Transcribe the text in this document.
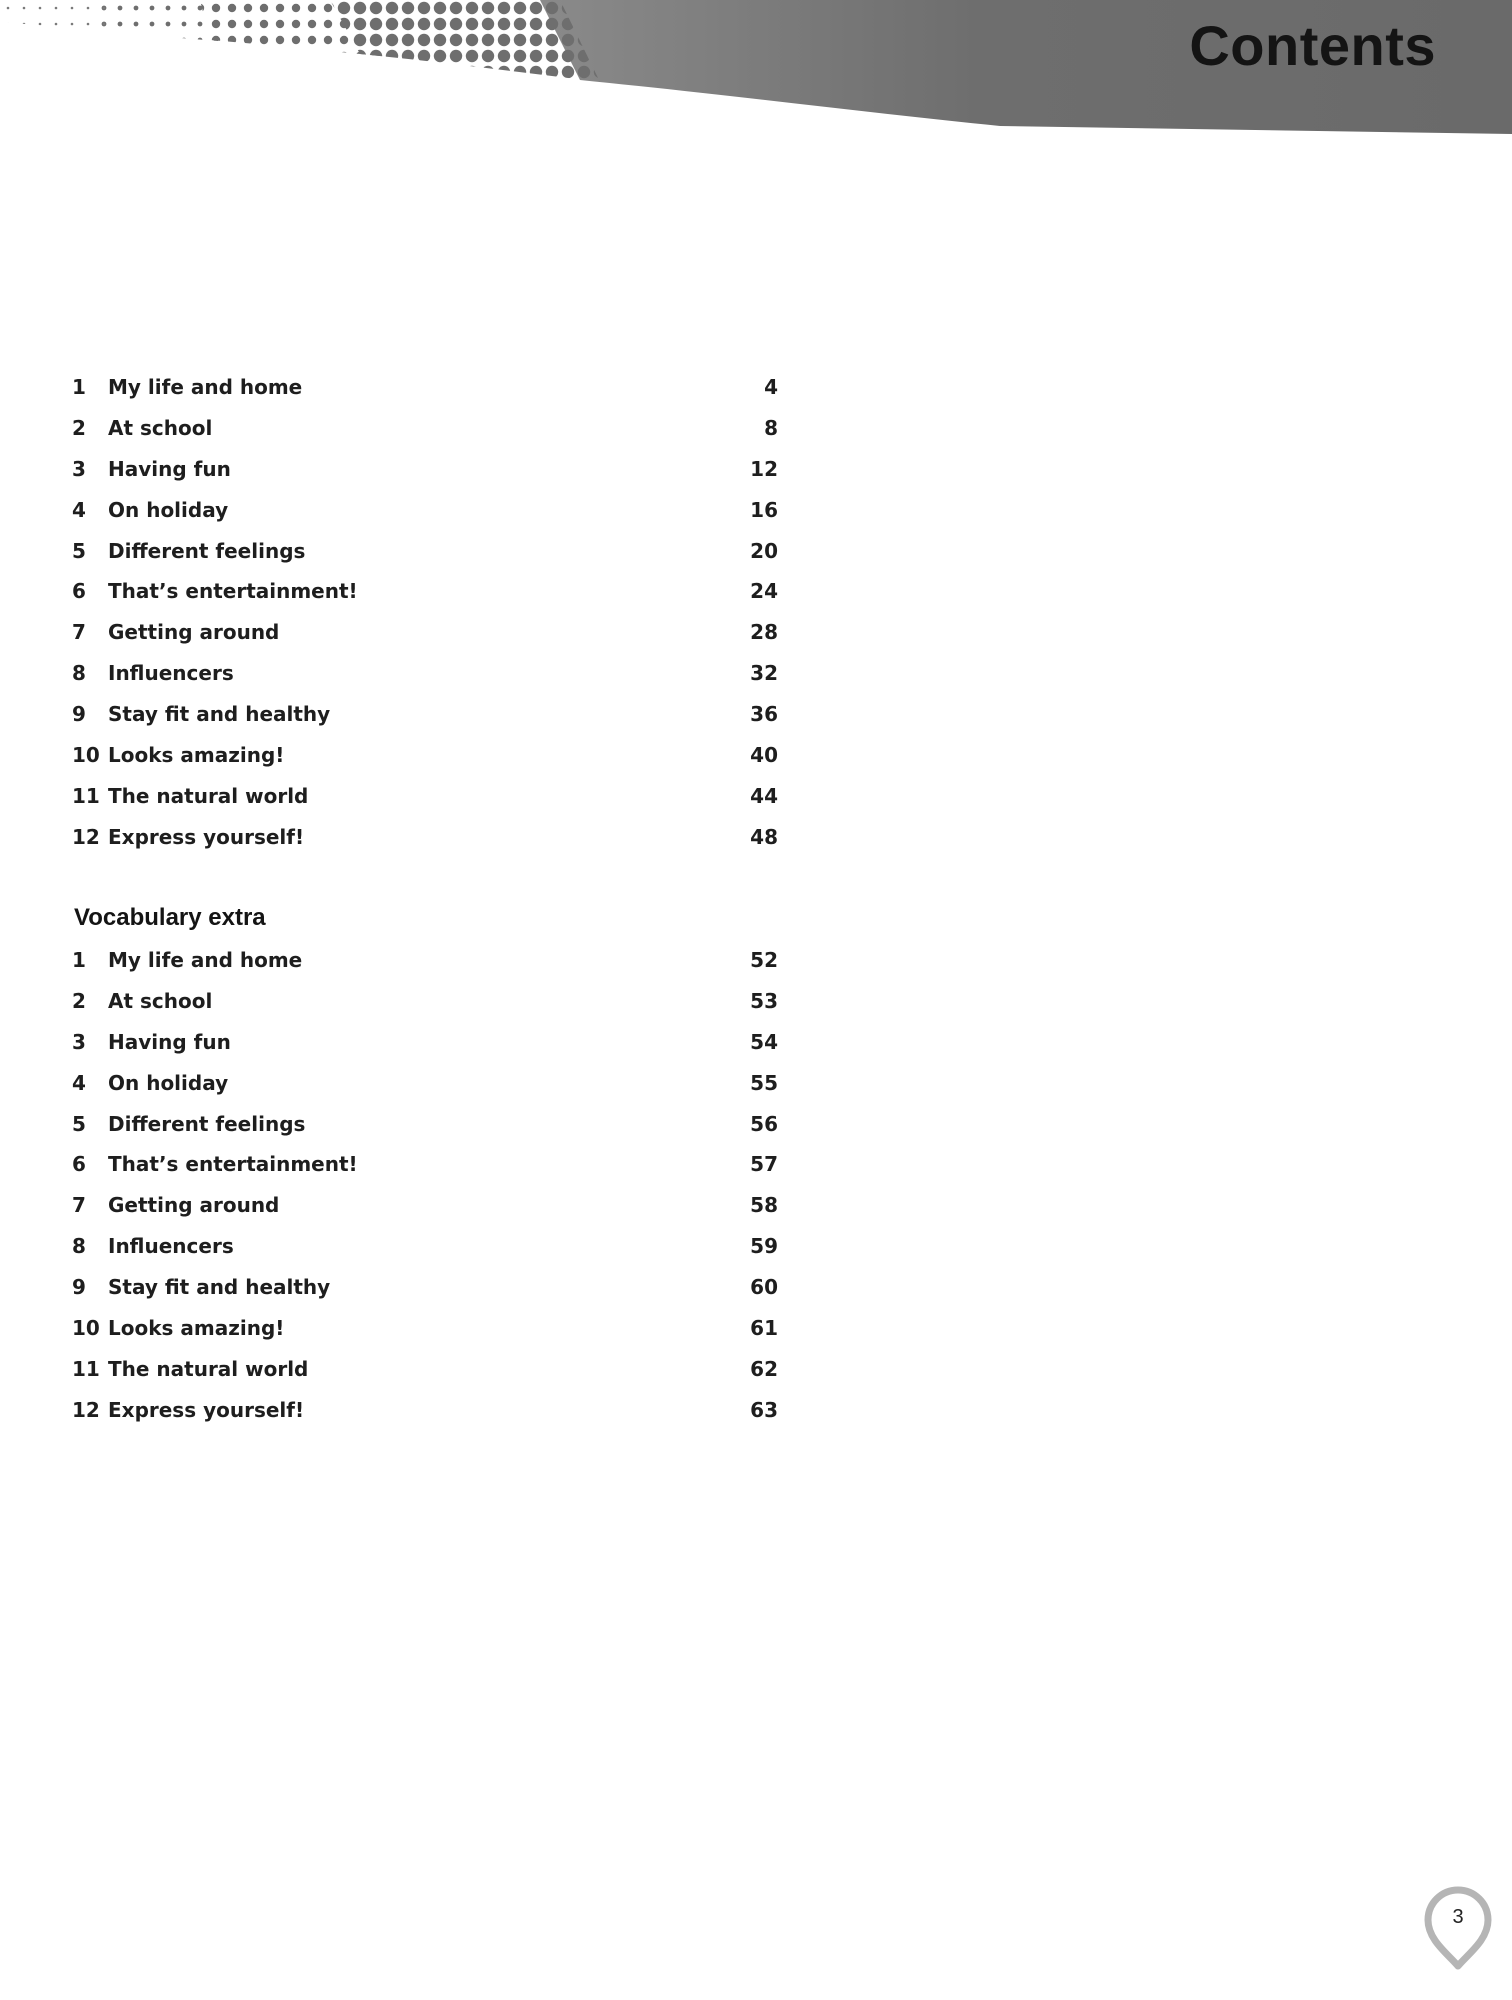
Contents
1 My life and home	4
2 At school	8
3 Having fun	12
4 On holiday	16
5 Different feelings	20
6 That’s entertainment!	24
7 Getting around	28
8 Influencers	32
9 Stay fit and healthy	36
10 Looks amazing!	40
11 The natural world	44
12 Express yourself!	48
Vocabulary extra
1 My life and home	52
2 At school	53
3 Having fun	54
4 On holiday	55
5 Different feelings	56
6 That’s entertainment!	57
7 Getting around	58
8 Influencers	59
9 Stay fit and healthy	60
10 Looks amazing!	61
11 The natural world	62
12 Express yourself!	63
3
